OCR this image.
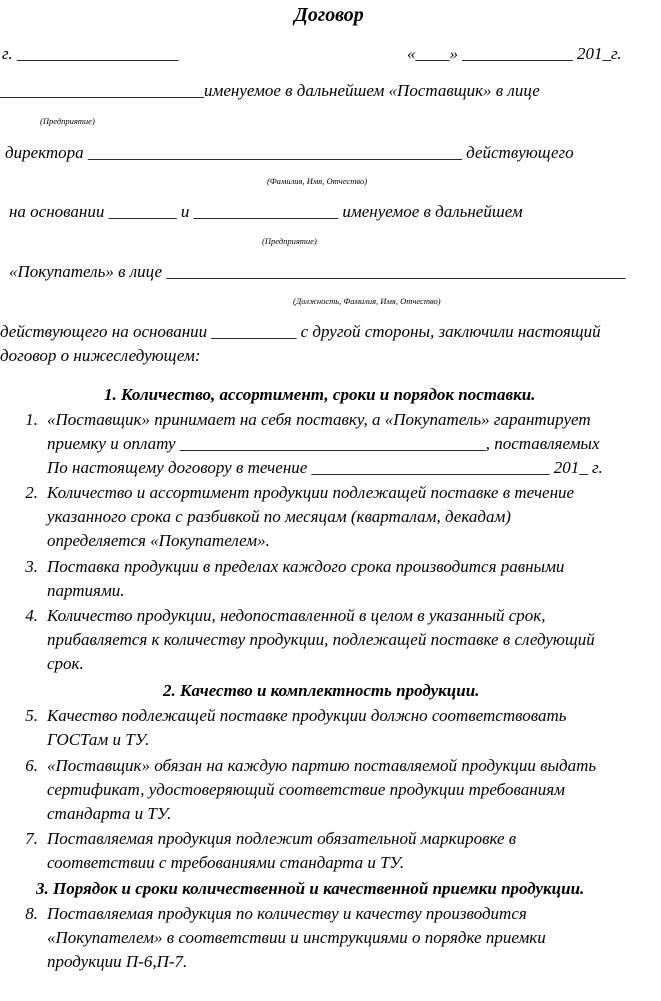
Договор
г. ___________________	«____» _____________ 201_г.
________________________именуемое в дальнейшем «Поставщик» в лице
(Предприятие)
директора ____________________________________________ действующего
(Фамилия, Имя, Отчество)
на основании ________ и _________________ именуемое в дальнейшем
(Предприятие)
«Покупатель» в лице ______________________________________________________
(Должность, Фамилия, Имя, Отчество)
действующего на основании __________ с другой стороны, заключили настоящий
договор о нижеследующем:
1. Количество, ассортимент, сроки и порядок поставки.
1. «Поставщик» принимает на себя поставку, а «Покупатель» гарантирует
приемку и оплату ____________________________________, поставляемых
По настоящему договору в течение ____________________________ 201_ г.
2. Количество и ассортимент продукции подлежащей поставке в течение
указанного срока с разбивкой по месяцам (кварталам, декадам)
определяется «Покупателем».
3. Поставка продукции в пределах каждого срока производится равными
партиями.
4. Количество продукции, недопоставленной в целом в указанный срок,
прибавляется к количеству продукции, подлежащей поставке в следующий
срок.
2. Качество и комплектность продукции.
5. Качество подлежащей поставке продукции должно соответствовать
ГОСТам и ТУ.
6. «Поставщик» обязан на каждую партию поставляемой продукции выдать
сертификат, удостоверяющий соответствие продукции требованиям
стандарта и ТУ.
7. Поставляемая продукция подлежит обязательной маркировке в
соответствии с требованиями стандарта и ТУ.
3. Порядок и сроки количественной и качественной приемки продукции.
8. Поставляемая продукция по количеству и качеству производится
«Покупателем» в соответствии и инструкциями о порядке приемки
продукции П-6,П-7.
